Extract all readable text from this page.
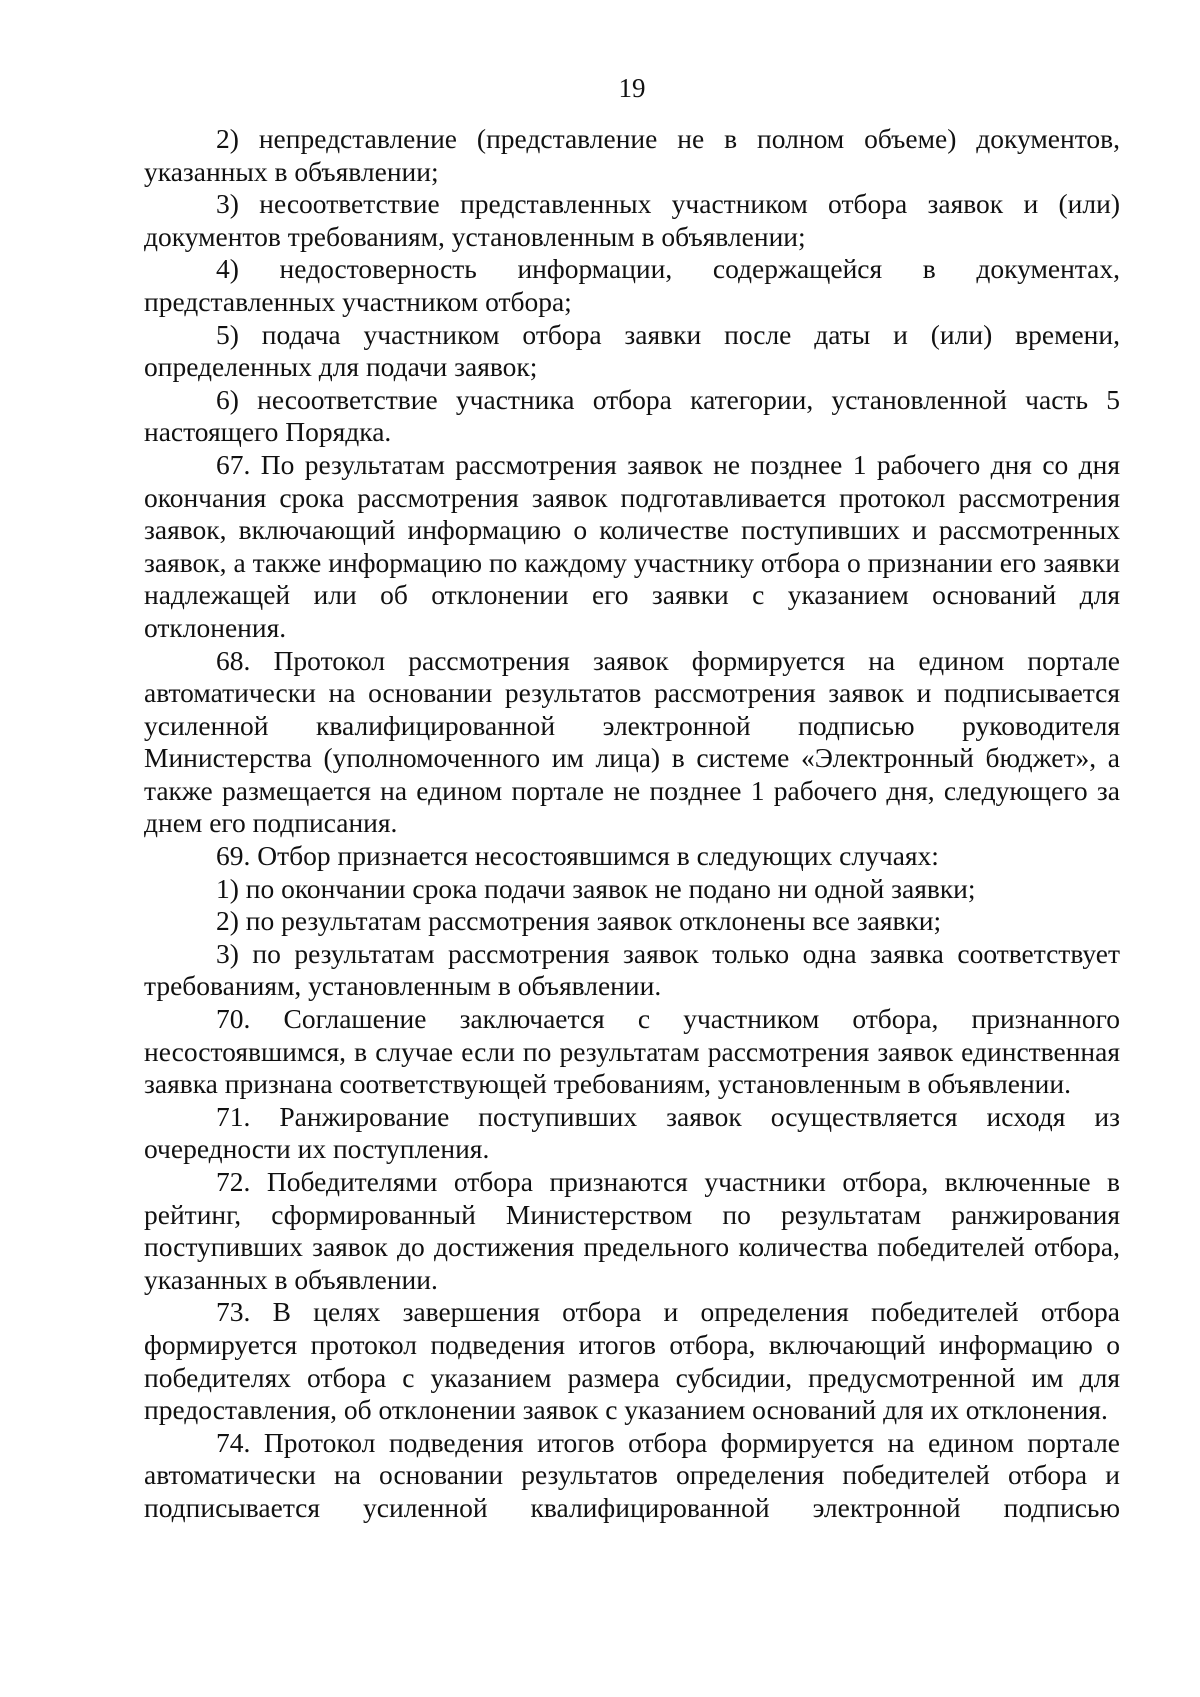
19

2) непредставление (представление не в полном объеме) документов, указанных в объявлении;

3) несоответствие представленных участником отбора заявок и (или) документов требованиям, установленным в объявлении;

4) недостоверность информации, содержащейся в документах, представленных участником отбора;

5) подача участником отбора заявки после даты и (или) времени, определенных для подачи заявок;

6) несоответствие участника отбора категории, установленной часть 5 настоящего Порядка.

67. По результатам рассмотрения заявок не позднее 1 рабочего дня со дня окончания срока рассмотрения заявок подготавливается протокол рассмотрения заявок, включающий информацию о количестве поступивших и рассмотренных заявок, а также информацию по каждому участнику отбора о признании его заявки надлежащей или об отклонении его заявки с указанием оснований для отклонения.

68. Протокол рассмотрения заявок формируется на едином портале автоматически на основании результатов рассмотрения заявок и подписывается усиленной квалифицированной электронной подписью руководителя Министерства (уполномоченного им лица) в системе «Электронный бюджет», а также размещается на едином портале не позднее 1 рабочего дня, следующего за днем его подписания.

69. Отбор признается несостоявшимся в следующих случаях:

1) по окончании срока подачи заявок не подано ни одной заявки;

2) по результатам рассмотрения заявок отклонены все заявки;

3) по результатам рассмотрения заявок только одна заявка соответствует требованиям, установленным в объявлении.

70. Соглашение заключается с участником отбора, признанного несостоявшимся, в случае если по результатам рассмотрения заявок единственная заявка признана соответствующей требованиям, установленным в объявлении.

71. Ранжирование поступивших заявок осуществляется исходя из очередности их поступления.

72. Победителями отбора признаются участники отбора, включенные в рейтинг, сформированный Министерством по результатам ранжирования поступивших заявок до достижения предельного количества победителей отбора, указанных в объявлении.

73. В целях завершения отбора и определения победителей отбора формируется протокол подведения итогов отбора, включающий информацию о победителях отбора с указанием размера субсидии, предусмотренной им для предоставления, об отклонении заявок с указанием оснований для их отклонения.

74. Протокол подведения итогов отбора формируется на едином портале автоматически на основании результатов определения победителей отбора и подписывается усиленной квалифицированной электронной подписью
